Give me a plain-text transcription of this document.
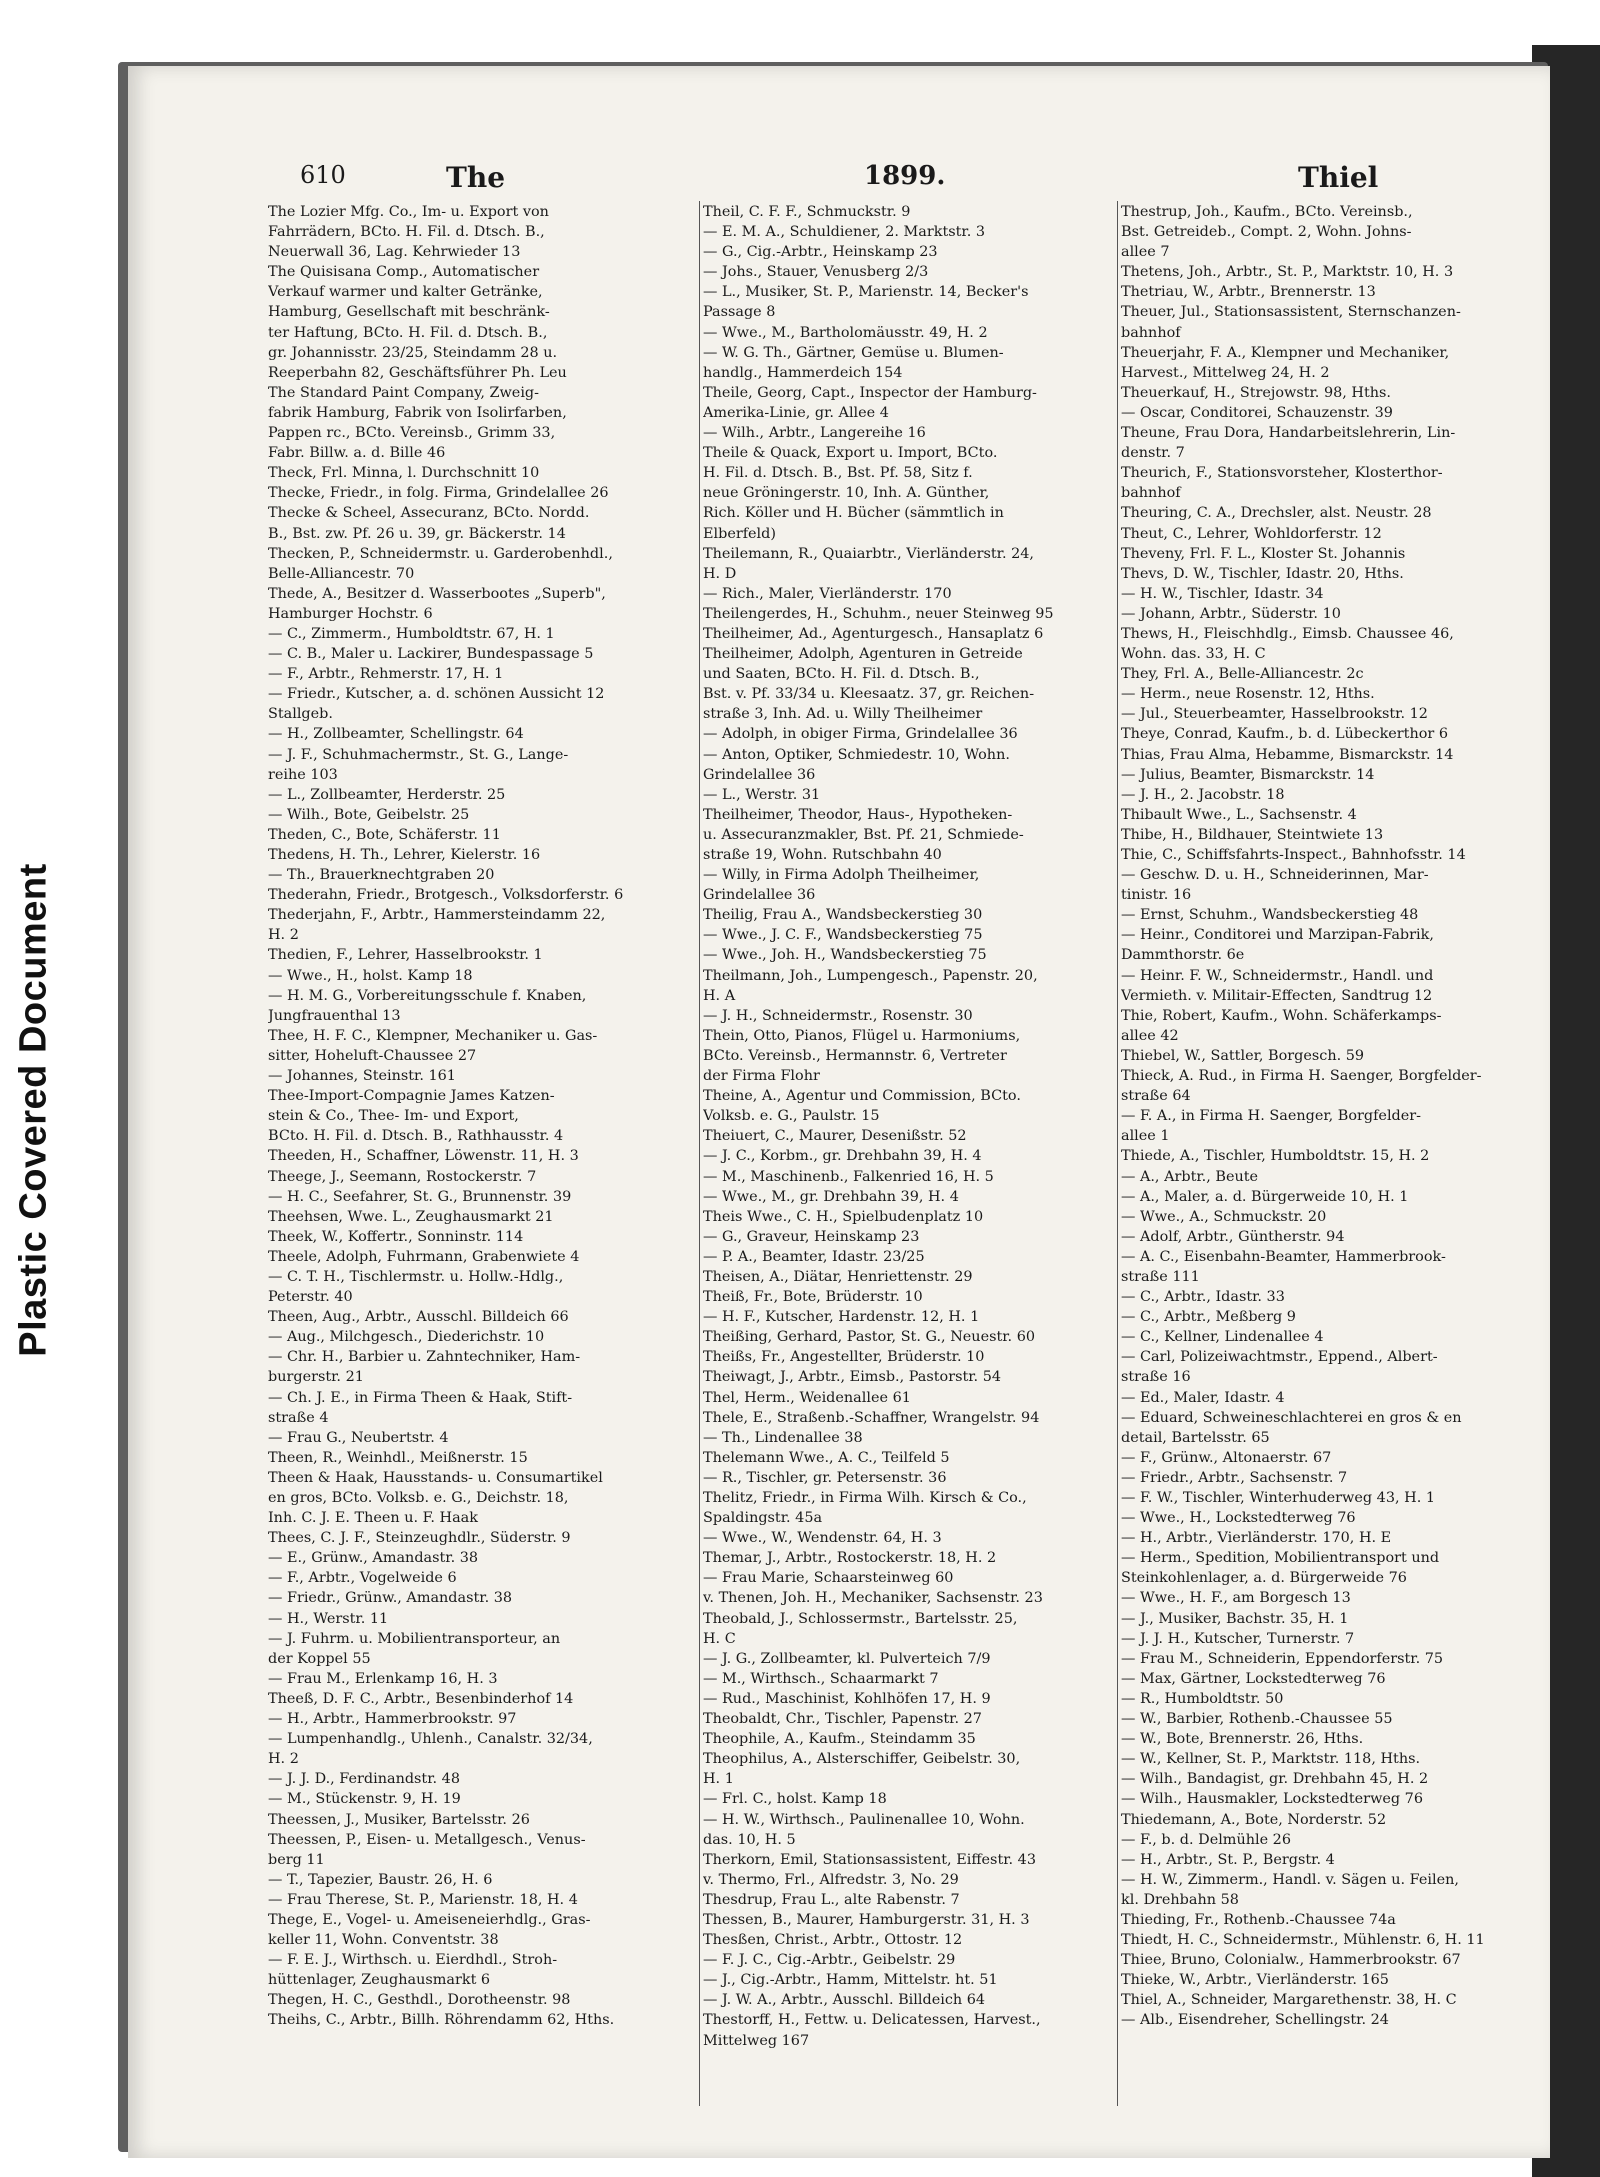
Plastic Covered Document
610	The	1899.	Thiel
The Lozier Mfg. Co., Im- u. Export von
Fahrrädern, BCto. H. Fil. d. Dtsch. B.,
Neuerwall 36, Lag. Kehrwieder 13
The Quisisana Comp., Automatischer
Verkauf warmer und kalter Getränke,
Hamburg, Gesellschaft mit beschränk-
ter Haftung, BCto. H. Fil. d. Dtsch. B.,
gr. Johannisstr. 23/25, Steindamm 28 u.
Reeperbahn 82, Geschäftsführer Ph. Leu
The Standard Paint Company, Zweig-
fabrik Hamburg, Fabrik von Isolirfarben,
Pappen rc., BCto. Vereinsb., Grimm 33,
Fabr. Billw. a. d. Bille 46
Theck, Frl. Minna, l. Durchschnitt 10
Thecke, Friedr., in folg. Firma, Grindelallee 26
Thecke & Scheel, Assecuranz, BCto. Nordd.
B., Bst. zw. Pf. 26 u. 39, gr. Bäckerstr. 14
Thecken, P., Schneidermstr. u. Garderobenhdl.,
Belle-Alliancestr. 70
Thede, A., Besitzer d. Wasserbootes „Superb",
Hamburger Hochstr. 6
— C., Zimmerm., Humboldtstr. 67, H. 1
— C. B., Maler u. Lackirer, Bundespassage 5
— F., Arbtr., Rehmerstr. 17, H. 1
— Friedr., Kutscher, a. d. schönen Aussicht 12
Stallgeb.
— H., Zollbeamter, Schellingstr. 64
— J. F., Schuhmachermstr., St. G., Lange-
reihe 103
— L., Zollbeamter, Herderstr. 25
— Wilh., Bote, Geibelstr. 25
Theden, C., Bote, Schäferstr. 11
Thedens, H. Th., Lehrer, Kielerstr. 16
— Th., Brauerknechtgraben 20
Thederahn, Friedr., Brotgesch., Volksdorferstr. 6
Thederjahn, F., Arbtr., Hammersteindamm 22,
H. 2
Thedien, F., Lehrer, Hasselbrookstr. 1
— Wwe., H., holst. Kamp 18
— H. M. G., Vorbereitungsschule f. Knaben,
Jungfrauenthal 13
Thee, H. F. C., Klempner, Mechaniker u. Gas-
sitter, Hoheluft-Chaussee 27
— Johannes, Steinstr. 161
Thee-Import-Compagnie James Katzen-
stein & Co., Thee- Im- und Export,
BCto. H. Fil. d. Dtsch. B., Rathhausstr. 4
Theeden, H., Schaffner, Löwenstr. 11, H. 3
Theege, J., Seemann, Rostockerstr. 7
— H. C., Seefahrer, St. G., Brunnenstr. 39
Theehsen, Wwe. L., Zeughausmarkt 21
Theek, W., Koffertr., Sonninstr. 114
Theele, Adolph, Fuhrmann, Grabenwiete 4
— C. T. H., Tischlermstr. u. Hollw.-Hdlg.,
Peterstr. 40
Theen, Aug., Arbtr., Ausschl. Billdeich 66
— Aug., Milchgesch., Diederichstr. 10
— Chr. H., Barbier u. Zahntechniker, Ham-
burgerstr. 21
— Ch. J. E., in Firma Theen & Haak, Stift-
straße 4
— Frau G., Neubertstr. 4
Theen, R., Weinhdl., Meißnerstr. 15
Theen & Haak, Hausstands- u. Consumartikel
en gros, BCto. Volksb. e. G., Deichstr. 18,
Inh. C. J. E. Theen u. F. Haak
Thees, C. J. F., Steinzeughdlr., Süderstr. 9
— E., Grünw., Amandastr. 38
— F., Arbtr., Vogelweide 6
— Friedr., Grünw., Amandastr. 38
— H., Werstr. 11
— J. Fuhrm. u. Mobilientransporteur, an
der Koppel 55
— Frau M., Erlenkamp 16, H. 3
Theeß, D. F. C., Arbtr., Besenbinderhof 14
— H., Arbtr., Hammerbrookstr. 97
— Lumpenhandlg., Uhlenh., Canalstr. 32/34,
H. 2
— J. J. D., Ferdinandstr. 48
— M., Stückenstr. 9, H. 19
Theessen, J., Musiker, Bartelsstr. 26
Theessen, P., Eisen- u. Metallgesch., Venus-
berg 11
— T., Tapezier, Baustr. 26, H. 6
— Frau Therese, St. P., Marienstr. 18, H. 4
Thege, E., Vogel- u. Ameiseneierhdlg., Gras-
keller 11, Wohn. Conventstr. 38
— F. E. J., Wirthsch. u. Eierdhdl., Stroh-
hüttenlager, Zeughausmarkt 6
Thegen, H. C., Gesthdl., Dorotheenstr. 98
Theihs, C., Arbtr., Billh. Röhrendamm 62, Hths.
Theil, C. F. F., Schmuckstr. 9
— E. M. A., Schuldiener, 2. Marktstr. 3
— G., Cig.-Arbtr., Heinskamp 23
— Johs., Stauer, Venusberg 2/3
— L., Musiker, St. P., Marienstr. 14, Becker's
Passage 8
— Wwe., M., Bartholomäusstr. 49, H. 2
— W. G. Th., Gärtner, Gemüse u. Blumen-
handlg., Hammerdeich 154
Theile, Georg, Capt., Inspector der Hamburg-
Amerika-Linie, gr. Allee 4
— Wilh., Arbtr., Langereihe 16
Theile & Quack, Export u. Import, BCto.
H. Fil. d. Dtsch. B., Bst. Pf. 58, Sitz f.
neue Gröningerstr. 10, Inh. A. Günther,
Rich. Köller und H. Bücher (sämmtlich in
Elberfeld)
Theilemann, R., Quaiarbtr., Vierländerstr. 24,
H. D
— Rich., Maler, Vierländerstr. 170
Theilengerdes, H., Schuhm., neuer Steinweg 95
Theilheimer, Ad., Agenturgesch., Hansaplatz 6
Theilheimer, Adolph, Agenturen in Getreide
und Saaten, BCto. H. Fil. d. Dtsch. B.,
Bst. v. Pf. 33/34 u. Kleesaatz. 37, gr. Reichen-
straße 3, Inh. Ad. u. Willy Theilheimer
— Adolph, in obiger Firma, Grindelallee 36
— Anton, Optiker, Schmiedestr. 10, Wohn.
Grindelallee 36
— L., Werstr. 31
Theilheimer, Theodor, Haus-, Hypotheken-
u. Assecuranzmakler, Bst. Pf. 21, Schmiede-
straße 19, Wohn. Rutschbahn 40
— Willy, in Firma Adolph Theilheimer,
Grindelallee 36
Theilig, Frau A., Wandsbeckerstieg 30
— Wwe., J. C. F., Wandsbeckerstieg 75
— Wwe., Joh. H., Wandsbeckerstieg 75
Theilmann, Joh., Lumpengesch., Papenstr. 20,
H. A
— J. H., Schneidermstr., Rosenstr. 30
Thein, Otto, Pianos, Flügel u. Harmoniums,
BCto. Vereinsb., Hermannstr. 6, Vertreter
der Firma Flohr
Theine, A., Agentur und Commission, BCto.
Volksb. e. G., Paulstr. 15
Theiuert, C., Maurer, Desenißstr. 52
— J. C., Korbm., gr. Drehbahn 39, H. 4
— M., Maschinenb., Falkenried 16, H. 5
— Wwe., M., gr. Drehbahn 39, H. 4
Theis Wwe., C. H., Spielbudenplatz 10
— G., Graveur, Heinskamp 23
— P. A., Beamter, Idastr. 23/25
Theisen, A., Diätar, Henriettenstr. 29
Theiß, Fr., Bote, Brüderstr. 10
— H. F., Kutscher, Hardenstr. 12, H. 1
Theißing, Gerhard, Pastor, St. G., Neuestr. 60
Theißs, Fr., Angestellter, Brüderstr. 10
Theiwagt, J., Arbtr., Eimsb., Pastorstr. 54
Thel, Herm., Weidenallee 61
Thele, E., Straßenb.-Schaffner, Wrangelstr. 94
— Th., Lindenallee 38
Thelemann Wwe., A. C., Teilfeld 5
— R., Tischler, gr. Petersenstr. 36
Thelitz, Friedr., in Firma Wilh. Kirsch & Co.,
Spaldingstr. 45a
— Wwe., W., Wendenstr. 64, H. 3
Themar, J., Arbtr., Rostockerstr. 18, H. 2
— Frau Marie, Schaarsteinweg 60
v. Thenen, Joh. H., Mechaniker, Sachsenstr. 23
Theobald, J., Schlossermstr., Bartelsstr. 25,
H. C
— J. G., Zollbeamter, kl. Pulverteich 7/9
— M., Wirthsch., Schaarmarkt 7
— Rud., Maschinist, Kohlhöfen 17, H. 9
Theobaldt, Chr., Tischler, Papenstr. 27
Theophile, A., Kaufm., Steindamm 35
Theophilus, A., Alsterschiffer, Geibelstr. 30,
H. 1
— Frl. C., holst. Kamp 18
— H. W., Wirthsch., Paulinenallee 10, Wohn.
das. 10, H. 5
Therkorn, Emil, Stationsassistent, Eiffestr. 43
v. Thermo, Frl., Alfredstr. 3, No. 29
Thesdrup, Frau L., alte Rabenstr. 7
Thessen, B., Maurer, Hamburgerstr. 31, H. 3
Thesßen, Christ., Arbtr., Ottostr. 12
— F. J. C., Cig.-Arbtr., Geibelstr. 29
— J., Cig.-Arbtr., Hamm, Mittelstr. ht. 51
— J. W. A., Arbtr., Ausschl. Billdeich 64
Thestorff, H., Fettw. u. Delicatessen, Harvest.,
Mittelweg 167
Thestrup, Joh., Kaufm., BCto. Vereinsb.,
Bst. Getreideb., Compt. 2, Wohn. Johns-
allee 7
Thetens, Joh., Arbtr., St. P., Marktstr. 10, H. 3
Thetriau, W., Arbtr., Brennerstr. 13
Theuer, Jul., Stationsassistent, Sternschanzen-
bahnhof
Theuerjahr, F. A., Klempner und Mechaniker,
Harvest., Mittelweg 24, H. 2
Theuerkauf, H., Strejowstr. 98, Hths.
— Oscar, Conditorei, Schauzenstr. 39
Theune, Frau Dora, Handarbeitslehrerin, Lin-
denstr. 7
Theurich, F., Stationsvorsteher, Klosterthor-
bahnhof
Theuring, C. A., Drechsler, alst. Neustr. 28
Theut, C., Lehrer, Wohldorferstr. 12
Theveny, Frl. F. L., Kloster St. Johannis
Thevs, D. W., Tischler, Idastr. 20, Hths.
— H. W., Tischler, Idastr. 34
— Johann, Arbtr., Süderstr. 10
Thews, H., Fleischhdlg., Eimsb. Chaussee 46,
Wohn. das. 33, H. C
They, Frl. A., Belle-Alliancestr. 2c
— Herm., neue Rosenstr. 12, Hths.
— Jul., Steuerbeamter, Hasselbrookstr. 12
Theye, Conrad, Kaufm., b. d. Lübeckerthor 6
Thias, Frau Alma, Hebamme, Bismarckstr. 14
— Julius, Beamter, Bismarckstr. 14
— J. H., 2. Jacobstr. 18
Thibault Wwe., L., Sachsenstr. 4
Thibe, H., Bildhauer, Steintwiete 13
Thie, C., Schiffsfahrts-Inspect., Bahnhofsstr. 14
— Geschw. D. u. H., Schneiderinnen, Mar-
tinistr. 16
— Ernst, Schuhm., Wandsbeckerstieg 48
— Heinr., Conditorei und Marzipan-Fabrik,
Dammthorstr. 6e
— Heinr. F. W., Schneidermstr., Handl. und
Vermieth. v. Militair-Effecten, Sandtrug 12
Thie, Robert, Kaufm., Wohn. Schäferkamps-
allee 42
Thiebel, W., Sattler, Borgesch. 59
Thieck, A. Rud., in Firma H. Saenger, Borgfelder-
straße 64
— F. A., in Firma H. Saenger, Borgfelder-
allee 1
Thiede, A., Tischler, Humboldtstr. 15, H. 2
— A., Arbtr., Beute
— A., Maler, a. d. Bürgerweide 10, H. 1
— Wwe., A., Schmuckstr. 20
— Adolf, Arbtr., Güntherstr. 94
— A. C., Eisenbahn-Beamter, Hammerbrook-
straße 111
— C., Arbtr., Idastr. 33
— C., Arbtr., Meßberg 9
— C., Kellner, Lindenallee 4
— Carl, Polizeiwachtmstr., Eppend., Albert-
straße 16
— Ed., Maler, Idastr. 4
— Eduard, Schweineschlachterei en gros & en
detail, Bartelsstr. 65
— F., Grünw., Altonaerstr. 67
— Friedr., Arbtr., Sachsenstr. 7
— F. W., Tischler, Winterhuderweg 43, H. 1
— Wwe., H., Lockstedterweg 76
— H., Arbtr., Vierländerstr. 170, H. E
— Herm., Spedition, Mobilientransport und
Steinkohlenlager, a. d. Bürgerweide 76
— Wwe., H. F., am Borgesch 13
— J., Musiker, Bachstr. 35, H. 1
— J. J. H., Kutscher, Turnerstr. 7
— Frau M., Schneiderin, Eppendorferstr. 75
— Max, Gärtner, Lockstedterweg 76
— R., Humboldtstr. 50
— W., Barbier, Rothenb.-Chaussee 55
— W., Bote, Brennerstr. 26, Hths.
— W., Kellner, St. P., Marktstr. 118, Hths.
— Wilh., Bandagist, gr. Drehbahn 45, H. 2
— Wilh., Hausmakler, Lockstedterweg 76
Thiedemann, A., Bote, Norderstr. 52
— F., b. d. Delmühle 26
— H., Arbtr., St. P., Bergstr. 4
— H. W., Zimmerm., Handl. v. Sägen u. Feilen,
kl. Drehbahn 58
Thieding, Fr., Rothenb.-Chaussee 74a
Thiedt, H. C., Schneidermstr., Mühlenstr. 6, H. 11
Thiee, Bruno, Colonialw., Hammerbrookstr. 67
Thieke, W., Arbtr., Vierländerstr. 165
Thiel, A., Schneider, Margarethenstr. 38, H. C
— Alb., Eisendreher, Schellingstr. 24
